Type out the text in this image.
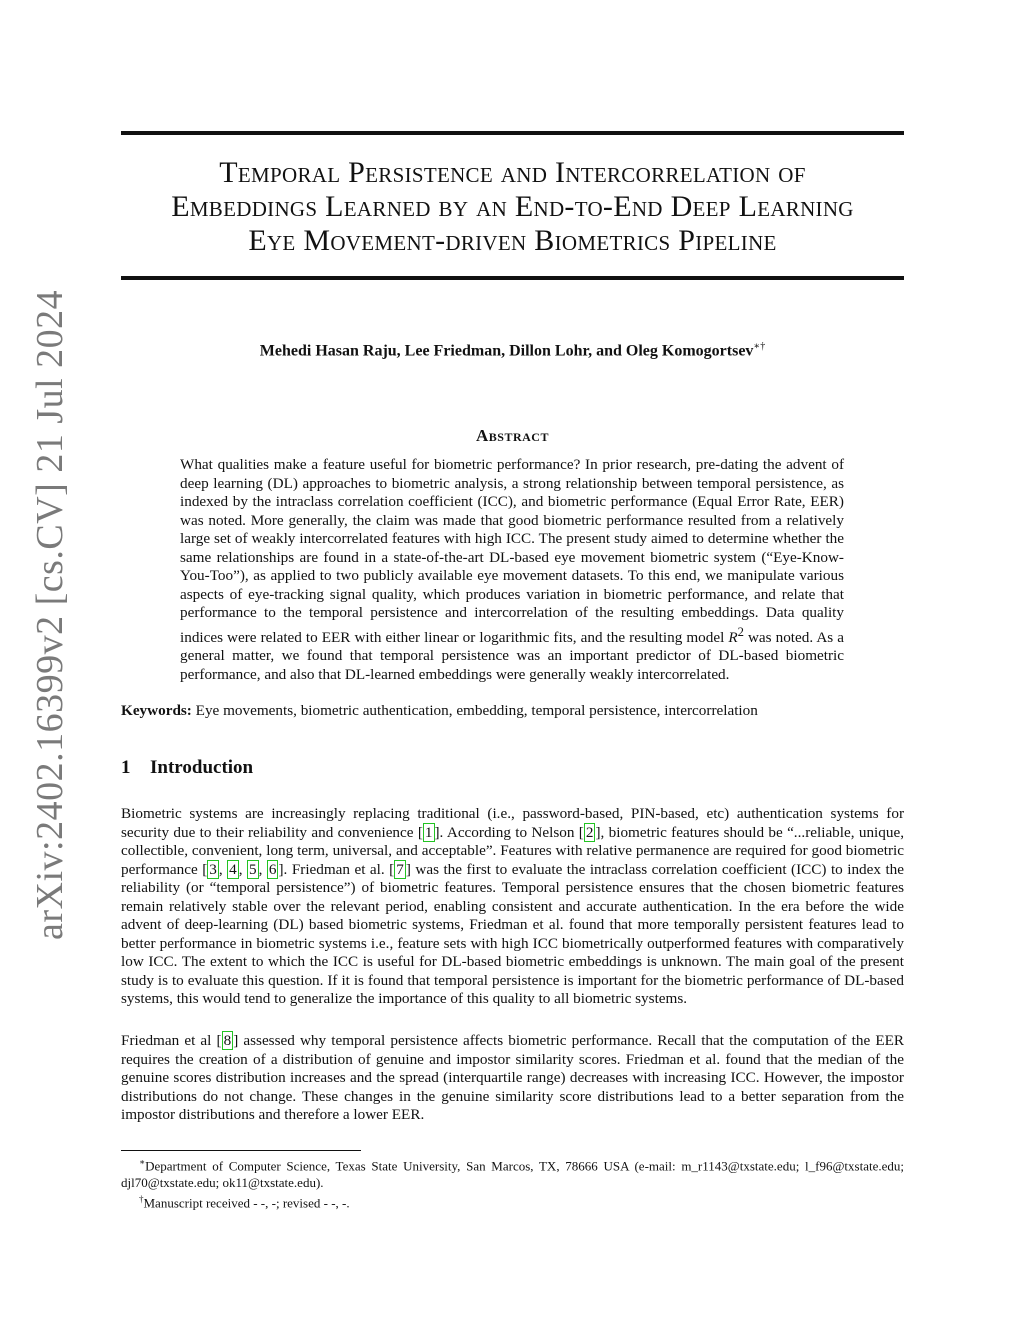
arXiv:2402.16399v2 [cs.CV] 21 Jul 2024
Temporal Persistence and Intercorrelation of
Embeddings Learned by an End-to-End Deep Learning
Eye Movement-driven Biometrics Pipeline
Mehedi Hasan Raju, Lee Friedman, Dillon Lohr, and Oleg Komogortsev∗†
Abstract
What qualities make a feature useful for biometric performance? In prior research, pre-dating the advent of deep learning (DL) approaches to biometric analysis, a strong relationship between temporal persistence, as indexed by the intraclass correlation coefficient (ICC), and biometric performance (Equal Error Rate, EER) was noted. More generally, the claim was made that good biometric performance resulted from a relatively large set of weakly intercorrelated features with high ICC. The present study aimed to determine whether the same relationships are found in a state-of-the-art DL-based eye movement biometric system (“Eye-Know-You-Too”), as applied to two publicly available eye movement datasets. To this end, we manipulate various aspects of eye-tracking signal quality, which produces variation in biometric performance, and relate that performance to the temporal persistence and intercorrelation of the resulting embeddings. Data quality indices were related to EER with either linear or logarithmic fits, and the resulting model $R^2$ was noted. As a general matter, we found that temporal persistence was an important predictor of DL-based biometric performance, and also that DL-learned embeddings were generally weakly intercorrelated.
Keywords: Eye movements, biometric authentication, embedding, temporal persistence, intercorrelation
1 Introduction

Biometric systems are increasingly replacing traditional (i.e., password-based, PIN-based, etc) authentication systems for security due to their reliability and convenience [ 1 ]. According to Nelson [ 2 ], biometric features should be “...reliable, unique, collectible, convenient, long term, universal, and acceptable”. Features with relative permanence are required for good biometric performance [ 3 , 4 , 5 , 6 ]. Friedman et al. [ 7 ] was the first to evaluate the intraclass correlation coefficient (ICC) to index the reliability (or “temporal persistence”) of biometric features. Temporal persistence ensures that the chosen biometric features remain relatively stable over the relevant period, enabling consistent and accurate authentication. In the era before the wide advent of deep-learning (DL) based biometric systems, Friedman et al. found that more temporally persistent features lead to better performance in biometric systems i.e., feature sets with high ICC biometrically outperformed features with comparatively low ICC. The extent to which the ICC is useful for DL-based biometric embeddings is unknown. The main goal of the present study is to evaluate this question. If it is found that temporal persistence is important for the biometric performance of DL-based systems, this would tend to generalize the importance of this quality to all biometric systems.

Friedman et al [ 8 ] assessed why temporal persistence affects biometric performance. Recall that the computation of the EER requires the creation of a distribution of genuine and impostor similarity scores. Friedman et al. found that the median of the genuine scores distribution increases and the spread (interquartile range) decreases with increasing ICC. However, the impostor distributions do not change. These changes in the genuine similarity score distributions lead to a better separation from the impostor distributions and therefore a lower EER.

∗Department of Computer Science, Texas State University, San Marcos, TX, 78666 USA (e-mail: m_r1143@txstate.edu; l_f96@txstate.edu; djl70@txstate.edu; ok11@txstate.edu).

†Manuscript received - -, -; revised - -, -.
